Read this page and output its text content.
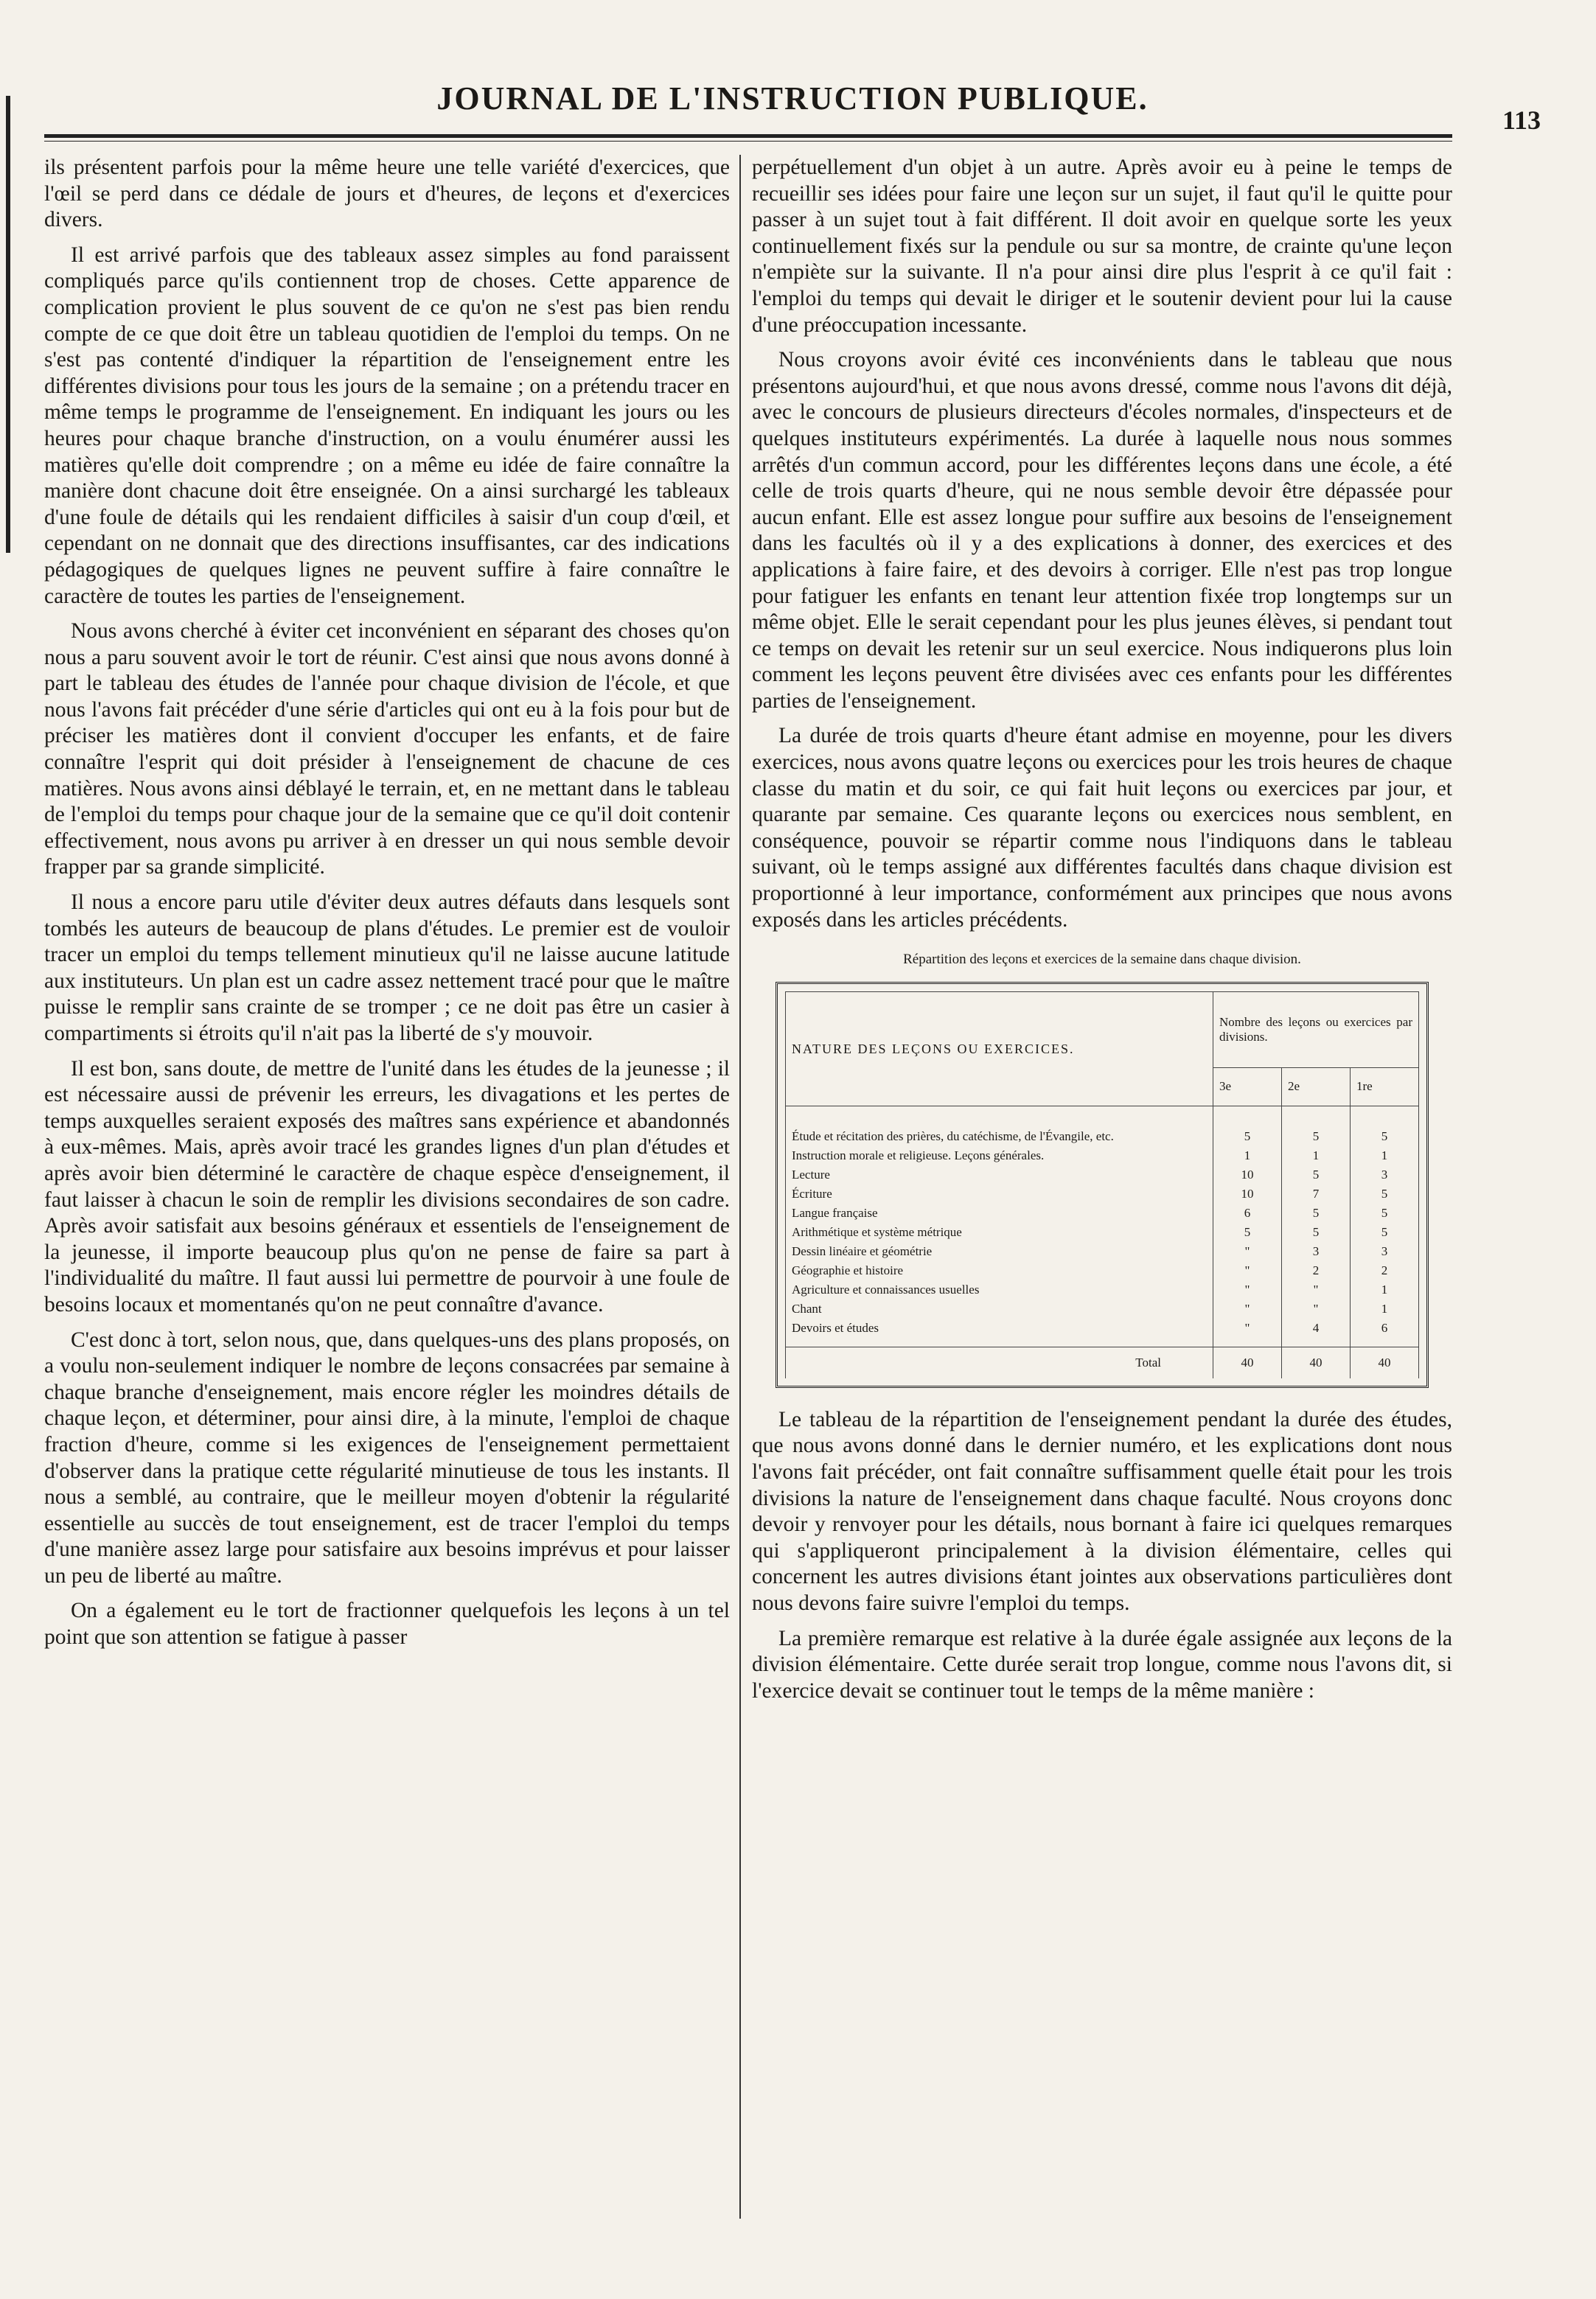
JOURNAL DE L'INSTRUCTION PUBLIQUE.
113

ils présentent parfois pour la même heure une telle variété d'exercices, que l'œil se perd dans ce dédale de jours et d'heures, de leçons et d'exercices divers.

Il est arrivé parfois que des tableaux assez simples au fond paraissent compliqués parce qu'ils contiennent trop de choses. Cette apparence de complication provient le plus souvent de ce qu'on ne s'est pas bien rendu compte de ce que doit être un tableau quotidien de l'emploi du temps. On ne s'est pas contenté d'indiquer la répartition de l'enseignement entre les différentes divisions pour tous les jours de la semaine ; on a prétendu tracer en même temps le programme de l'enseignement. En indiquant les jours ou les heures pour chaque branche d'instruction, on a voulu énumérer aussi les matières qu'elle doit comprendre ; on a même eu idée de faire connaître la manière dont chacune doit être enseignée. On a ainsi surchargé les tableaux d'une foule de détails qui les rendaient difficiles à saisir d'un coup d'œil, et cependant on ne donnait que des directions insuffisantes, car des indications pédagogiques de quelques lignes ne peuvent suffire à faire connaître le caractère de toutes les parties de l'enseignement.

Nous avons cherché à éviter cet inconvénient en séparant des choses qu'on nous a paru souvent avoir le tort de réunir. C'est ainsi que nous avons donné à part le tableau des études de l'année pour chaque division de l'école, et que nous l'avons fait précéder d'une série d'articles qui ont eu à la fois pour but de préciser les matières dont il convient d'occuper les enfants, et de faire connaître l'esprit qui doit présider à l'enseignement de chacune de ces matières. Nous avons ainsi déblayé le terrain, et, en ne mettant dans le tableau de l'emploi du temps pour chaque jour de la semaine que ce qu'il doit contenir effectivement, nous avons pu arriver à en dresser un qui nous semble devoir frapper par sa grande simplicité.

Il nous a encore paru utile d'éviter deux autres défauts dans lesquels sont tombés les auteurs de beaucoup de plans d'études. Le premier est de vouloir tracer un emploi du temps tellement minutieux qu'il ne laisse aucune latitude aux instituteurs. Un plan est un cadre assez nettement tracé pour que le maître puisse le remplir sans crainte de se tromper ; ce ne doit pas être un casier à compartiments si étroits qu'il n'ait pas la liberté de s'y mouvoir.

Il est bon, sans doute, de mettre de l'unité dans les études de la jeunesse ; il est nécessaire aussi de prévenir les erreurs, les divagations et les pertes de temps auxquelles seraient exposés des maîtres sans expérience et abandonnés à eux-mêmes. Mais, après avoir tracé les grandes lignes d'un plan d'études et après avoir bien déterminé le caractère de chaque espèce d'enseignement, il faut laisser à chacun le soin de remplir les divisions secondaires de son cadre. Après avoir satisfait aux besoins généraux et essentiels de l'enseignement de la jeunesse, il importe beaucoup plus qu'on ne pense de faire sa part à l'individualité du maître. Il faut aussi lui permettre de pourvoir à une foule de besoins locaux et momentanés qu'on ne peut connaître d'avance.

C'est donc à tort, selon nous, que, dans quelques-uns des plans proposés, on a voulu non-seulement indiquer le nombre de leçons consacrées par semaine à chaque branche d'enseignement, mais encore régler les moindres détails de chaque leçon, et déterminer, pour ainsi dire, à la minute, l'emploi de chaque fraction d'heure, comme si les exigences de l'enseignement permettaient d'observer dans la pratique cette régularité minutieuse de tous les instants. Il nous a semblé, au contraire, que le meilleur moyen d'obtenir la régularité essentielle au succès de tout enseignement, est de tracer l'emploi du temps d'une manière assez large pour satisfaire aux besoins imprévus et pour laisser un peu de liberté au maître.

On a également eu le tort de fractionner quelquefois les leçons à un tel point que son attention se fatigue à passer

perpétuellement d'un objet à un autre. Après avoir eu à peine le temps de recueillir ses idées pour faire une leçon sur un sujet, il faut qu'il le quitte pour passer à un sujet tout à fait différent. Il doit avoir en quelque sorte les yeux continuellement fixés sur la pendule ou sur sa montre, de crainte qu'une leçon n'empiète sur la suivante. Il n'a pour ainsi dire plus l'esprit à ce qu'il fait : l'emploi du temps qui devait le diriger et le soutenir devient pour lui la cause d'une préoccupation incessante.

Nous croyons avoir évité ces inconvénients dans le tableau que nous présentons aujourd'hui, et que nous avons dressé, comme nous l'avons dit déjà, avec le concours de plusieurs directeurs d'écoles normales, d'inspecteurs et de quelques instituteurs expérimentés. La durée à laquelle nous nous sommes arrêtés d'un commun accord, pour les différentes leçons dans une école, a été celle de trois quarts d'heure, qui ne nous semble devoir être dépassée pour aucun enfant. Elle est assez longue pour suffire aux besoins de l'enseignement dans les facultés où il y a des explications à donner, des exercices et des applications à faire faire, et des devoirs à corriger. Elle n'est pas trop longue pour fatiguer les enfants en tenant leur attention fixée trop longtemps sur un même objet. Elle le serait cependant pour les plus jeunes élèves, si pendant tout ce temps on devait les retenir sur un seul exercice. Nous indiquerons plus loin comment les leçons peuvent être divisées avec ces enfants pour les différentes parties de l'enseignement.

La durée de trois quarts d'heure étant admise en moyenne, pour les divers exercices, nous avons quatre leçons ou exercices pour les trois heures de chaque classe du matin et du soir, ce qui fait huit leçons ou exercices par jour, et quarante par semaine. Ces quarante leçons ou exercices nous semblent, en conséquence, pouvoir se répartir comme nous l'indiquons dans le tableau suivant, où le temps assigné aux différentes facultés dans chaque division est proportionné à leur importance, conformément aux principes que nous avons exposés dans les articles précédents.

Répartition des leçons et exercices de la semaine dans chaque division.
NATURE DES LEÇONS OU EXERCICES.	Nombre des leçons ou exercices par divisions.		
	3e	2e	1re
Étude et récitation des prières, du catéchisme, de l'Évangile, etc.	5	5	5
Instruction morale et religieuse. Leçons générales.	1	1	1
Lecture	10	5	3
Écriture	10	7	5
Langue française	6	5	5
Arithmétique et système métrique	5	5	5
Dessin linéaire et géométrie	"	3	3
Géographie et histoire	"	2	2
Agriculture et connaissances usuelles	"	"	1
Chant	"	"	1
Devoirs et études	"	4	6
Total	40	40	40

Le tableau de la répartition de l'enseignement pendant la durée des études, que nous avons donné dans le dernier numéro, et les explications dont nous l'avons fait précéder, ont fait connaître suffisamment quelle était pour les trois divisions la nature de l'enseignement dans chaque faculté. Nous croyons donc devoir y renvoyer pour les détails, nous bornant à faire ici quelques remarques qui s'appliqueront principalement à la division élémentaire, celles qui concernent les autres divisions étant jointes aux observations particulières dont nous devons faire suivre l'emploi du temps.

La première remarque est relative à la durée égale assignée aux leçons de la division élémentaire. Cette durée serait trop longue, comme nous l'avons dit, si l'exercice devait se continuer tout le temps de la même manière :
